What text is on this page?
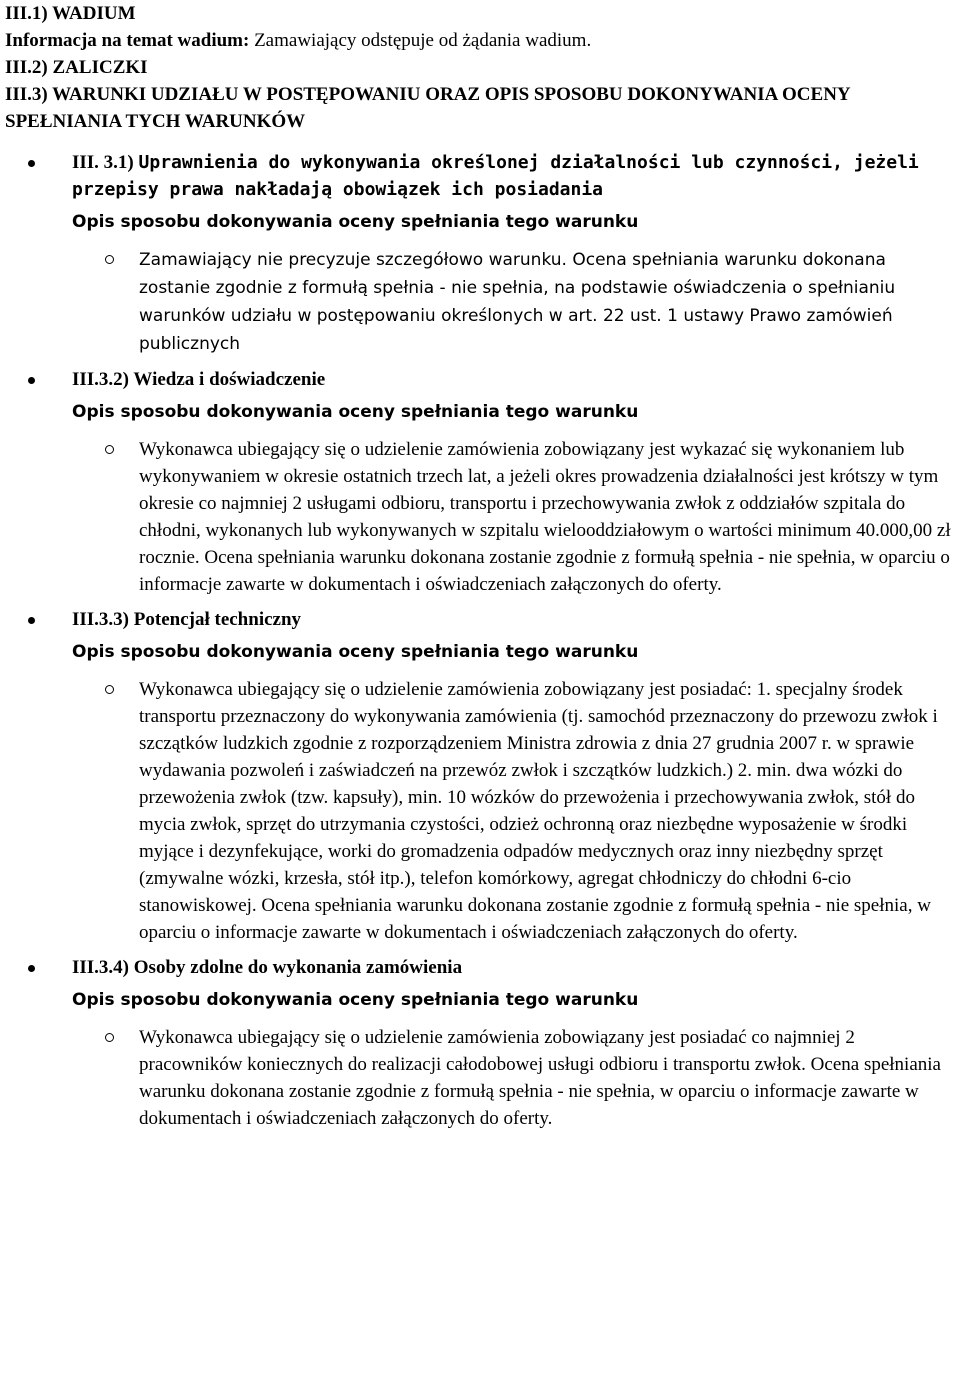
III.1) WADIUM

Informacja na temat wadium: Zamawiający odstępuje od żądania wadium.

III.2) ZALICZKI

III.3) WARUNKI UDZIAŁU W POSTĘPOWANIU ORAZ OPIS SPOSOBU DOKONYWANIA OCENY SPEŁNIANIA TYCH WARUNKÓW

III. 3.1) Uprawnienia do wykonywania określonej działalności lub czynności, jeżeli przepisy prawa nakładają obowiązek ich posiadania
Opis sposobu dokonywania oceny spełniania tego warunku
Zamawiający nie precyzuje szczegółowo warunku. Ocena spełniania warunku dokonana zostanie zgodnie z formułą spełnia - nie spełnia, na podstawie oświadczenia o spełnianiu warunków udziału w postępowaniu określonych w art. 22 ust. 1 ustawy Prawo zamówień publicznych
III.3.2) Wiedza i doświadczenie
Opis sposobu dokonywania oceny spełniania tego warunku
Wykonawca ubiegający się o udzielenie zamówienia zobowiązany jest wykazać się wykonaniem lub wykonywaniem w okresie ostatnich trzech lat, a jeżeli okres prowadzenia działalności jest krótszy w tym okresie co najmniej 2 usługami odbioru, transportu i przechowywania zwłok z oddziałów szpitala do chłodni, wykonanych lub wykonywanych w szpitalu wielooddziałowym o wartości minimum 40.000,00 zł rocznie. Ocena spełniania warunku dokonana zostanie zgodnie z formułą spełnia - nie spełnia, w oparciu o informacje zawarte w dokumentach i oświadczeniach załączonych do oferty.
III.3.3) Potencjał techniczny
Opis sposobu dokonywania oceny spełniania tego warunku
Wykonawca ubiegający się o udzielenie zamówienia zobowiązany jest posiadać: 1. specjalny środek transportu przeznaczony do wykonywania zamówienia (tj. samochód przeznaczony do przewozu zwłok i szczątków ludzkich zgodnie z rozporządzeniem Ministra zdrowia z dnia 27 grudnia 2007 r. w sprawie wydawania pozwoleń i zaświadczeń na przewóz zwłok i szczątków ludzkich.) 2. min. dwa wózki do przewożenia zwłok (tzw. kapsuły), min. 10 wózków do przewożenia i przechowywania zwłok, stół do mycia zwłok, sprzęt do utrzymania czystości, odzież ochronną oraz niezbędne wyposażenie w środki myjące i dezynfekujące, worki do gromadzenia odpadów medycznych oraz inny niezbędny sprzęt (zmywalne wózki, krzesła, stół itp.), telefon komórkowy, agregat chłodniczy do chłodni 6-cio stanowiskowej. Ocena spełniania warunku dokonana zostanie zgodnie z formułą spełnia - nie spełnia, w oparciu o informacje zawarte w dokumentach i oświadczeniach załączonych do oferty.
III.3.4) Osoby zdolne do wykonania zamówienia
Opis sposobu dokonywania oceny spełniania tego warunku
Wykonawca ubiegający się o udzielenie zamówienia zobowiązany jest posiadać co najmniej 2 pracowników koniecznych do realizacji całodobowej usługi odbioru i transportu zwłok. Ocena spełniania warunku dokonana zostanie zgodnie z formułą spełnia - nie spełnia, w oparciu o informacje zawarte w dokumentach i oświadczeniach załączonych do oferty.
